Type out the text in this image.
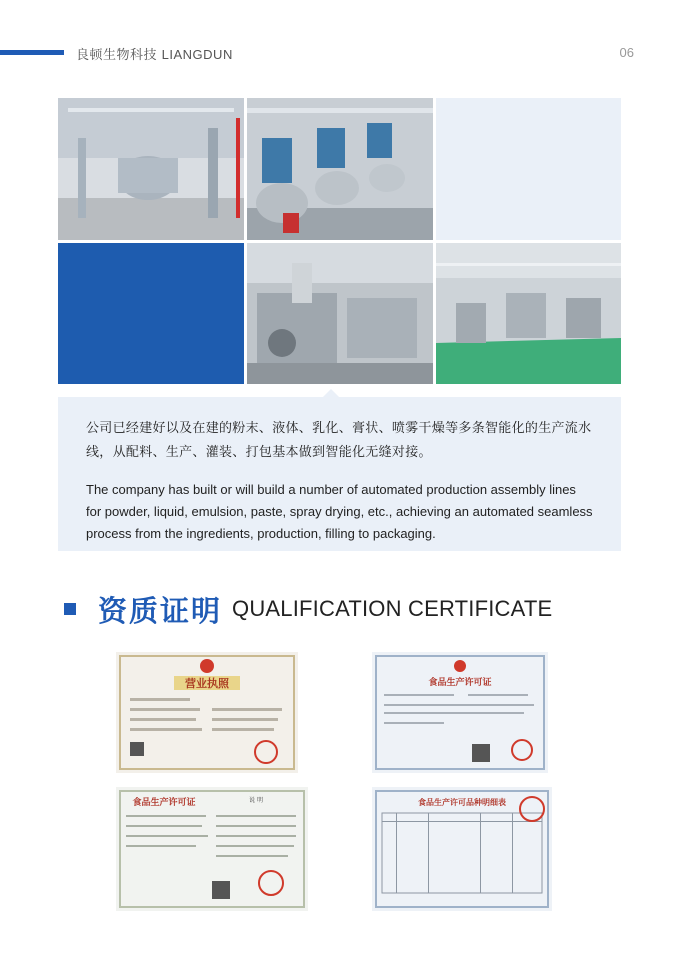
良顿生物科技 LIANGDUN	06

公司已经建好以及在建的粉末、液体、乳化、膏状、喷雾干燥等多条智能化的生产流水线，从配料、生产、灌装、打包基本做到智能化无缝对接。

The company has built or will build a number of automated production assembly lines for powder, liquid, emulsion, paste, spray drying, etc., achieving an automated seamless process from the ingredients, production, filling to packaging.

资质证明 QUALIFICATION CERTIFICATE
营业执照	食品生产许可证
食品生产许可证	说 明	食品生产许可品种明细表
